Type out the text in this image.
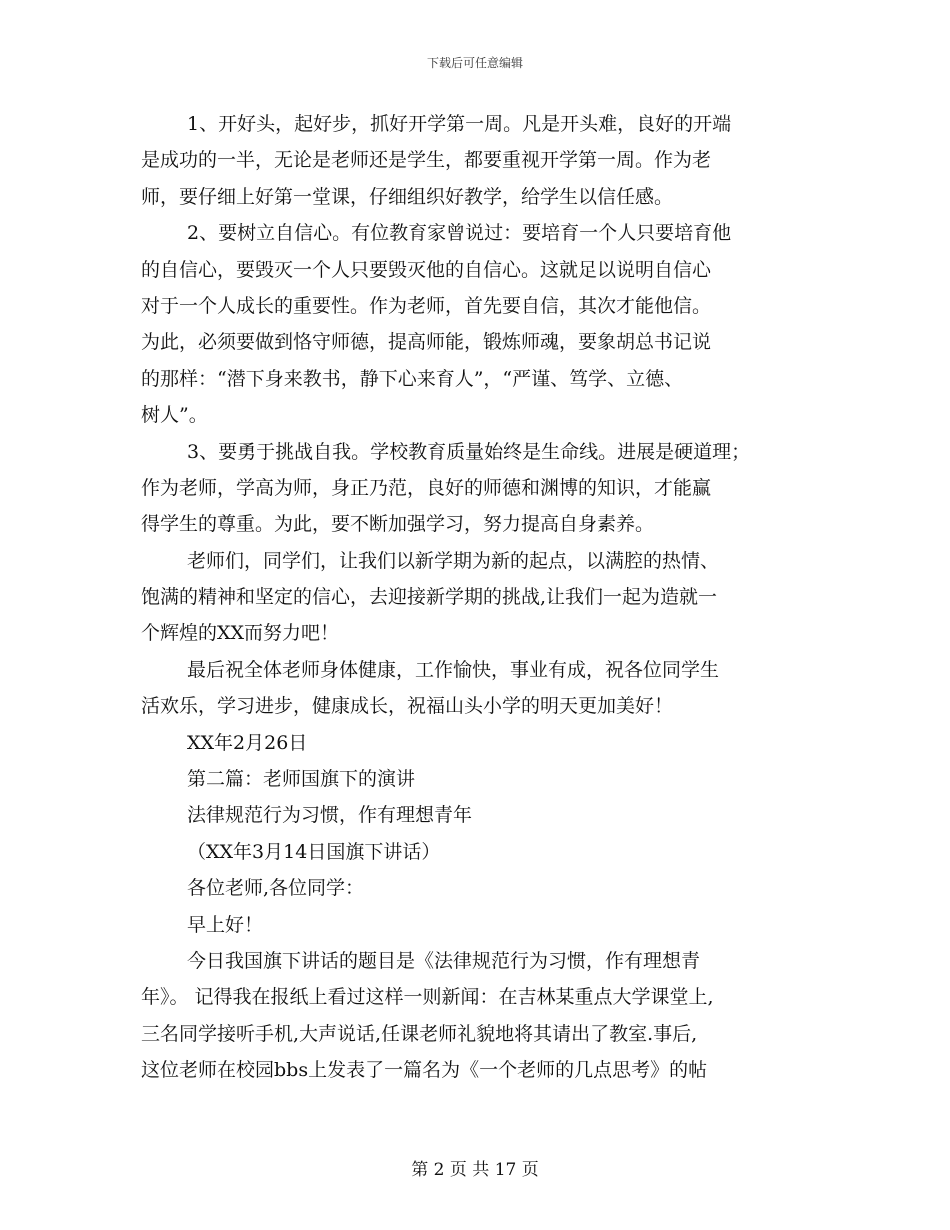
下载后可任意编辑
1、开好头，起好步，抓好开学第一周。凡是开头难，良好的开端
是成功的一半，无论是老师还是学生，都要重视开学第一周。作为老
师，要仔细上好第一堂课，仔细组织好教学，给学生以信任感。
2、要树立自信心。有位教育家曾说过：要培育一个人只要培育他
的自信心，要毁灭一个人只要毁灭他的自信心。这就足以说明自信心
对于一个人成长的重要性。作为老师，首先要自信，其次才能他信。
为此，必须要做到恪守师德，提高师能，锻炼师魂，要象胡总书记说
的那样：“潜下身来教书，静下心来育人”，“严谨、笃学、立德、
树人”。
3、要勇于挑战自我。学校教育质量始终是生命线。进展是硬道理；
作为老师，学高为师，身正乃范，良好的师德和渊博的知识，才能赢
得学生的尊重。为此，要不断加强学习，努力提高自身素养。
老师们，同学们，让我们以新学期为新的起点，以满腔的热情、
饱满的精神和坚定的信心，去迎接新学期的挑战,让我们一起为造就一
个辉煌的XX而努力吧！
最后祝全体老师身体健康，工作愉快，事业有成，祝各位同学生
活欢乐，学习进步，健康成长，祝福山头小学的明天更加美好！
XX年2月26日
第二篇：老师国旗下的演讲
法律规范行为习惯，作有理想青年
（XX年3月14日国旗下讲话）
各位老师,各位同学：
早上好！
今日我国旗下讲话的题目是《法律规范行为习惯，作有理想青
年》。 记得我在报纸上看过这样一则新闻：在吉林某重点大学课堂上,
三名同学接听手机,大声说话,任课老师礼貌地将其请出了教室.事后,
这位老师在校园bbs上发表了一篇名为《一个老师的几点思考》的帖
第 2 页 共 17 页
